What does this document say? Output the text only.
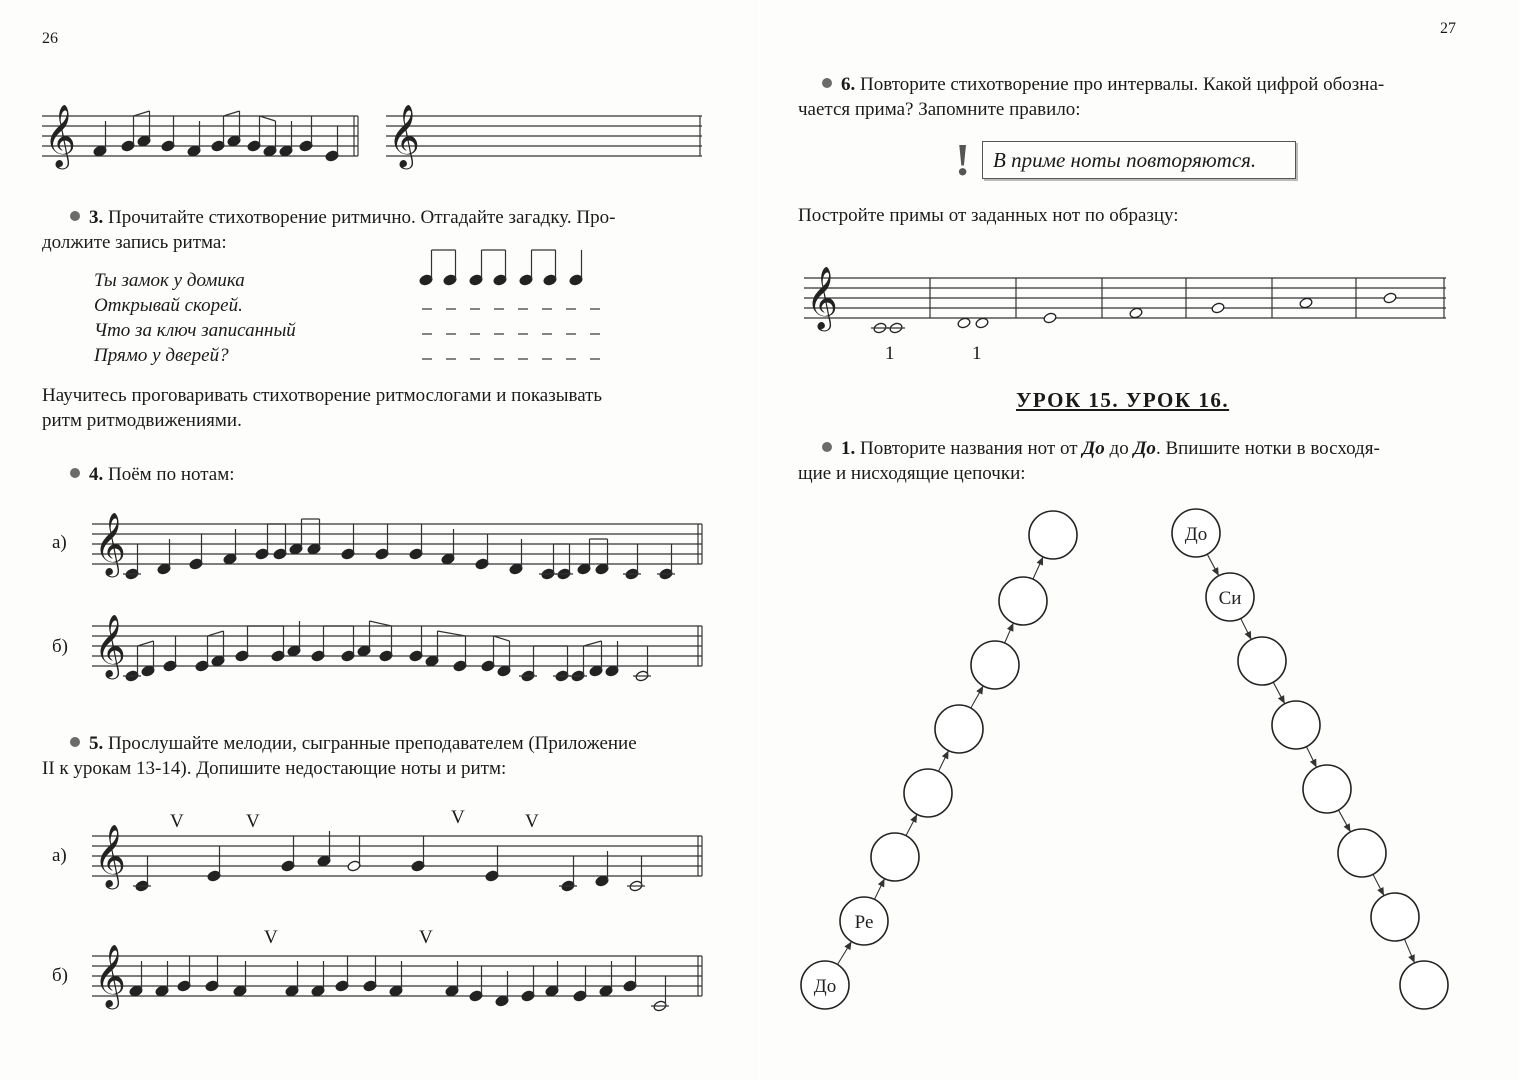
26
27
𝄞	𝄞

3. Прочитайте стихотворение ритмично. Отгадайте загадку. Про-

должите запись ритма:

Ты замок у домика
Открывай скорей.
Что за ключ записанный
Прямо у дверей?

Научитесь проговаривать стихотворение ритмослогами и показывать

ритм ритмодвижениями.

4. Поём по нотам:

а) 𝄞
б) 𝄞

5. Прослушайте мелодии, сыгранные преподавателем (Приложение

II к урокам 13-14). Допишите недостающие ноты и ритм:

а) 𝄞
б) 𝄞
V	V	V	V
V	V

6. Повторите стихотворение про интервалы. Какой цифрой обозна-

чается прима? Запомните правило:

!	В приме ноты повторяются.

Постройте примы от заданных нот по образцу:

𝄞
1	1
УРОК 15. УРОК 16.

1. Повторите названия нот от До до До. Впишите нотки в восходя-

щие и нисходящие цепочки:

До
Ре
До
Си
